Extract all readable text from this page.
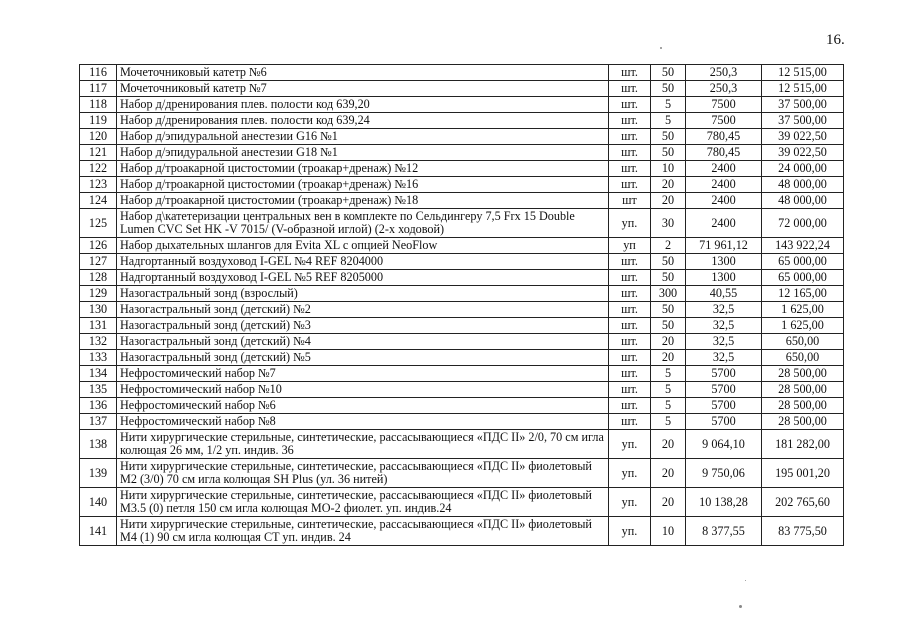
16.
116	Мочеточниковый катетр №6	шт.	50	250,3	12 515,00
117	Мочеточниковый катетр №7	шт.	50	250,3	12 515,00
118	Набор д/дренирования плев. полости код 639,20	шт.	5	7500	37 500,00
119	Набор д/дренирования плев. полости код 639,24	шт.	5	7500	37 500,00
120	Набор д/эпидуральной анестезии G16 №1	шт.	50	780,45	39 022,50
121	Набор д/эпидуральной анестезии G18 №1	шт.	50	780,45	39 022,50
122	Набор д/троакарной цистостомии (троакар+дренаж) №12	шт.	10	2400	24 000,00
123	Набор д/троакарной цистостомии (троакар+дренаж) №16	шт.	20	2400	48 000,00
124	Набор д/троакарной цистостомии (троакар+дренаж) №18	шт	20	2400	48 000,00
125	Набор д\катетеризации центральных вен в комплекте по Сельдингеру 7,5 Frx 15 Double Lumen CVC Set HK -V 7015/ (V-образной иглой) (2-х ходовой)	уп.	30	2400	72 000,00
126	Набор дыхательных шлангов для Evita XL с опцией NeoFlow	уп	2	71 961,12	143 922,24
127	Надгортанный воздуховод I-GEL №4 REF 8204000	шт.	50	1300	65 000,00
128	Надгортанный воздуховод I-GEL №5 REF 8205000	шт.	50	1300	65 000,00
129	Назогастральный зонд (взрослый)	шт.	300	40,55	12 165,00
130	Назогастральный зонд (детский) №2	шт.	50	32,5	1 625,00
131	Назогастральный зонд (детский) №3	шт.	50	32,5	1 625,00
132	Назогастральный зонд (детский) №4	шт.	20	32,5	650,00
133	Назогастральный зонд (детский) №5	шт.	20	32,5	650,00
134	Нефростомический набор №7	шт.	5	5700	28 500,00
135	Нефростомический набор №10	шт.	5	5700	28 500,00
136	Нефростомический набор №6	шт.	5	5700	28 500,00
137	Нефростомический набор №8	шт.	5	5700	28 500,00
138	Нити хирургические стерильные, синтетические, рассасывающиеся «ПДС II» 2/0, 70 см игла колющая 26 мм, 1/2 уп. индив. 36	уп.	20	9 064,10	181 282,00
139	Нити хирургические стерильные, синтетические, рассасывающиеся «ПДС II» фиолетовый M2 (3/0) 70 см игла колющая SH Plus (ул. 36 нитей)	уп.	20	9 750,06	195 001,20
140	Нити хирургические стерильные, синтетические, рассасывающиеся «ПДС II» фиолетовый M3.5 (0) петля 150 см игла колющая MO-2 фиолет. уп. индив.24	уп.	20	10 138,28	202 765,60
141	Нити хирургические стерильные, синтетические, рассасывающиеся «ПДС II» фиолетовый M4 (1) 90 см игла колющая CT уп. индив. 24	уп.	10	8 377,55	83 775,50
